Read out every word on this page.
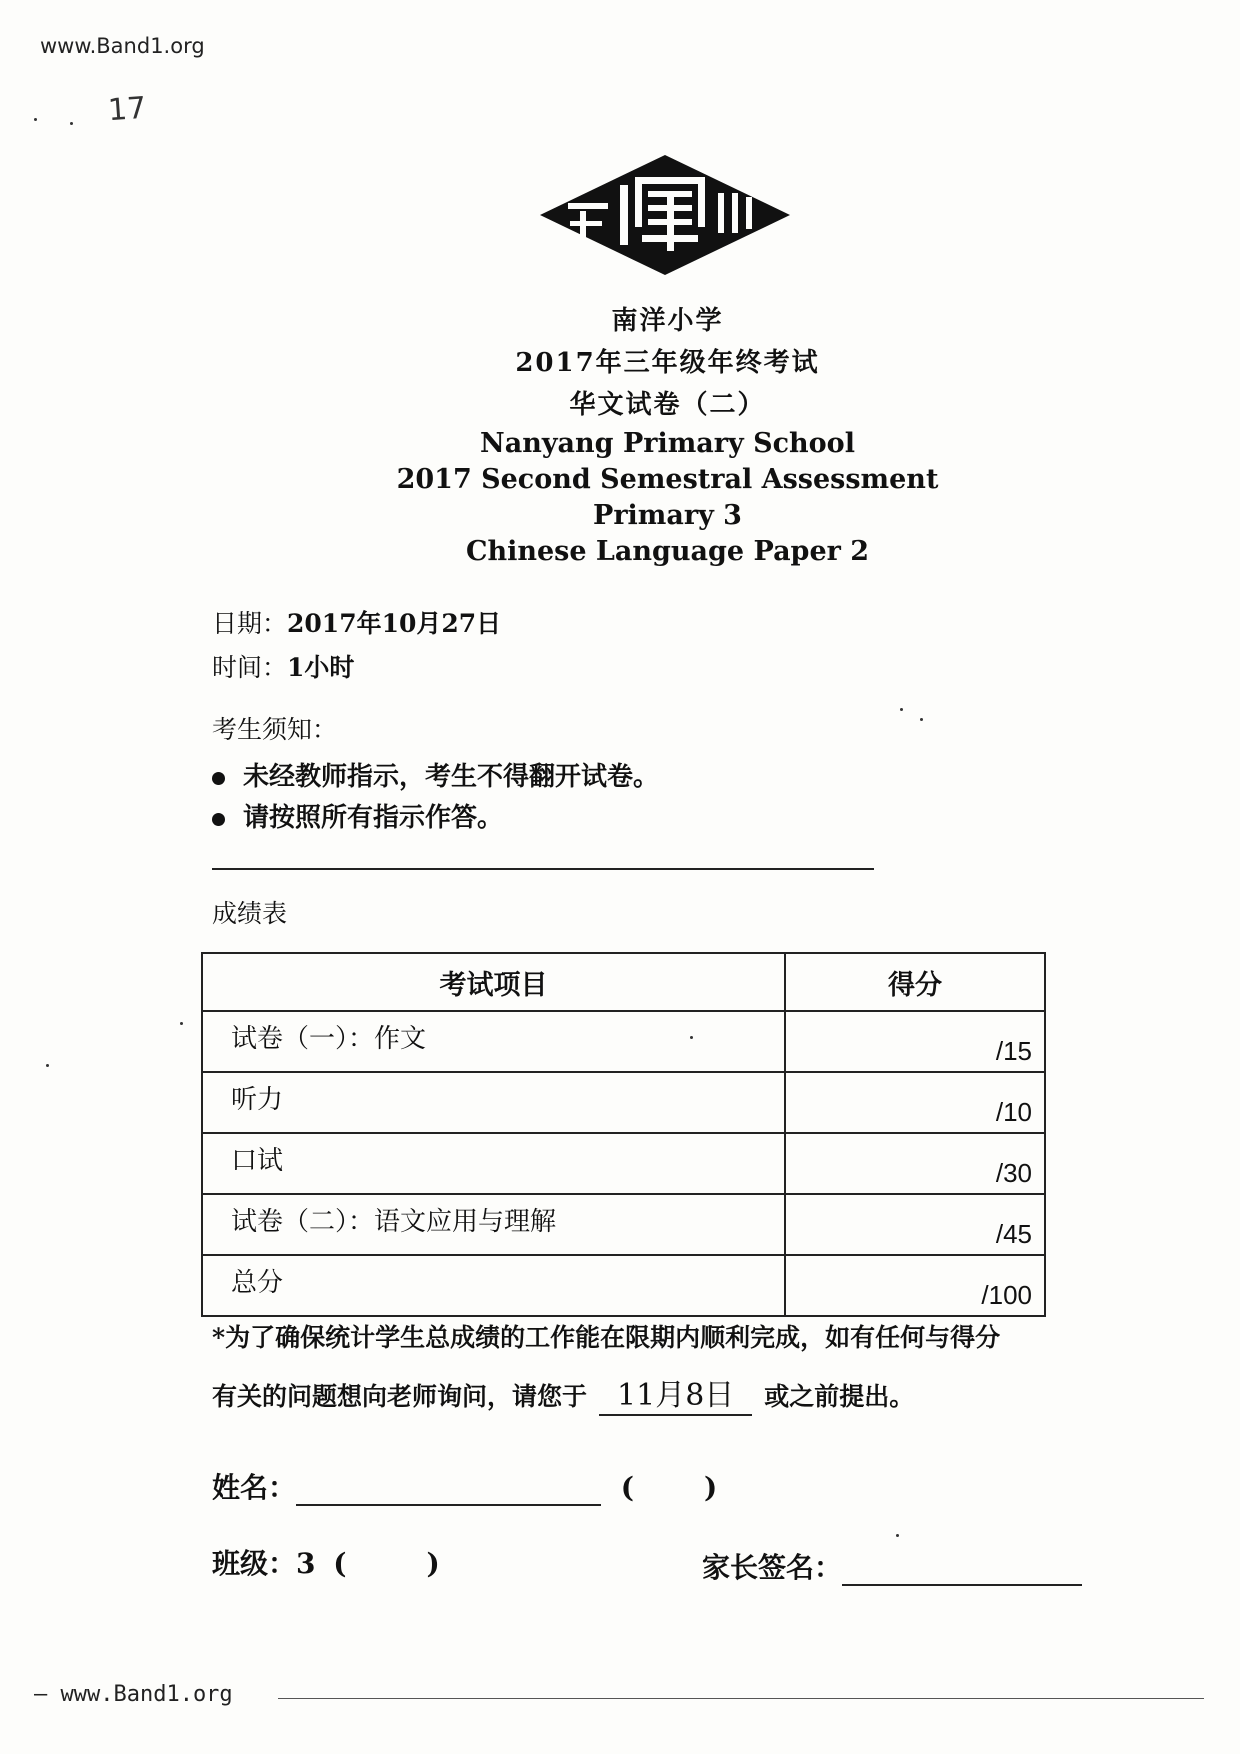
www.Band1.org
17
南洋小学
2017年三年级年终考试
华文试卷（二）
Nanyang Primary School
2017 Second Semestral Assessment
Primary 3
Chinese Language Paper 2
日期：2017年10月27日
时间：1小时
考生须知：
未经教师指示，考生不得翻开试卷。
请按照所有指示作答。
成绩表
考试项目	得分
试卷（一）：作文	/15
听力	/10
口试	/30
试卷（二）：语文应用与理解	/45
总分	/100
*为了确保统计学生总成绩的工作能在限期内顺利完成，如有任何与得分
有关的问题想向老师询问，请您于 11月8日 或之前提出。
姓名：	(	)
班级：3 (	)	家长签名：
— www.Band1.org
